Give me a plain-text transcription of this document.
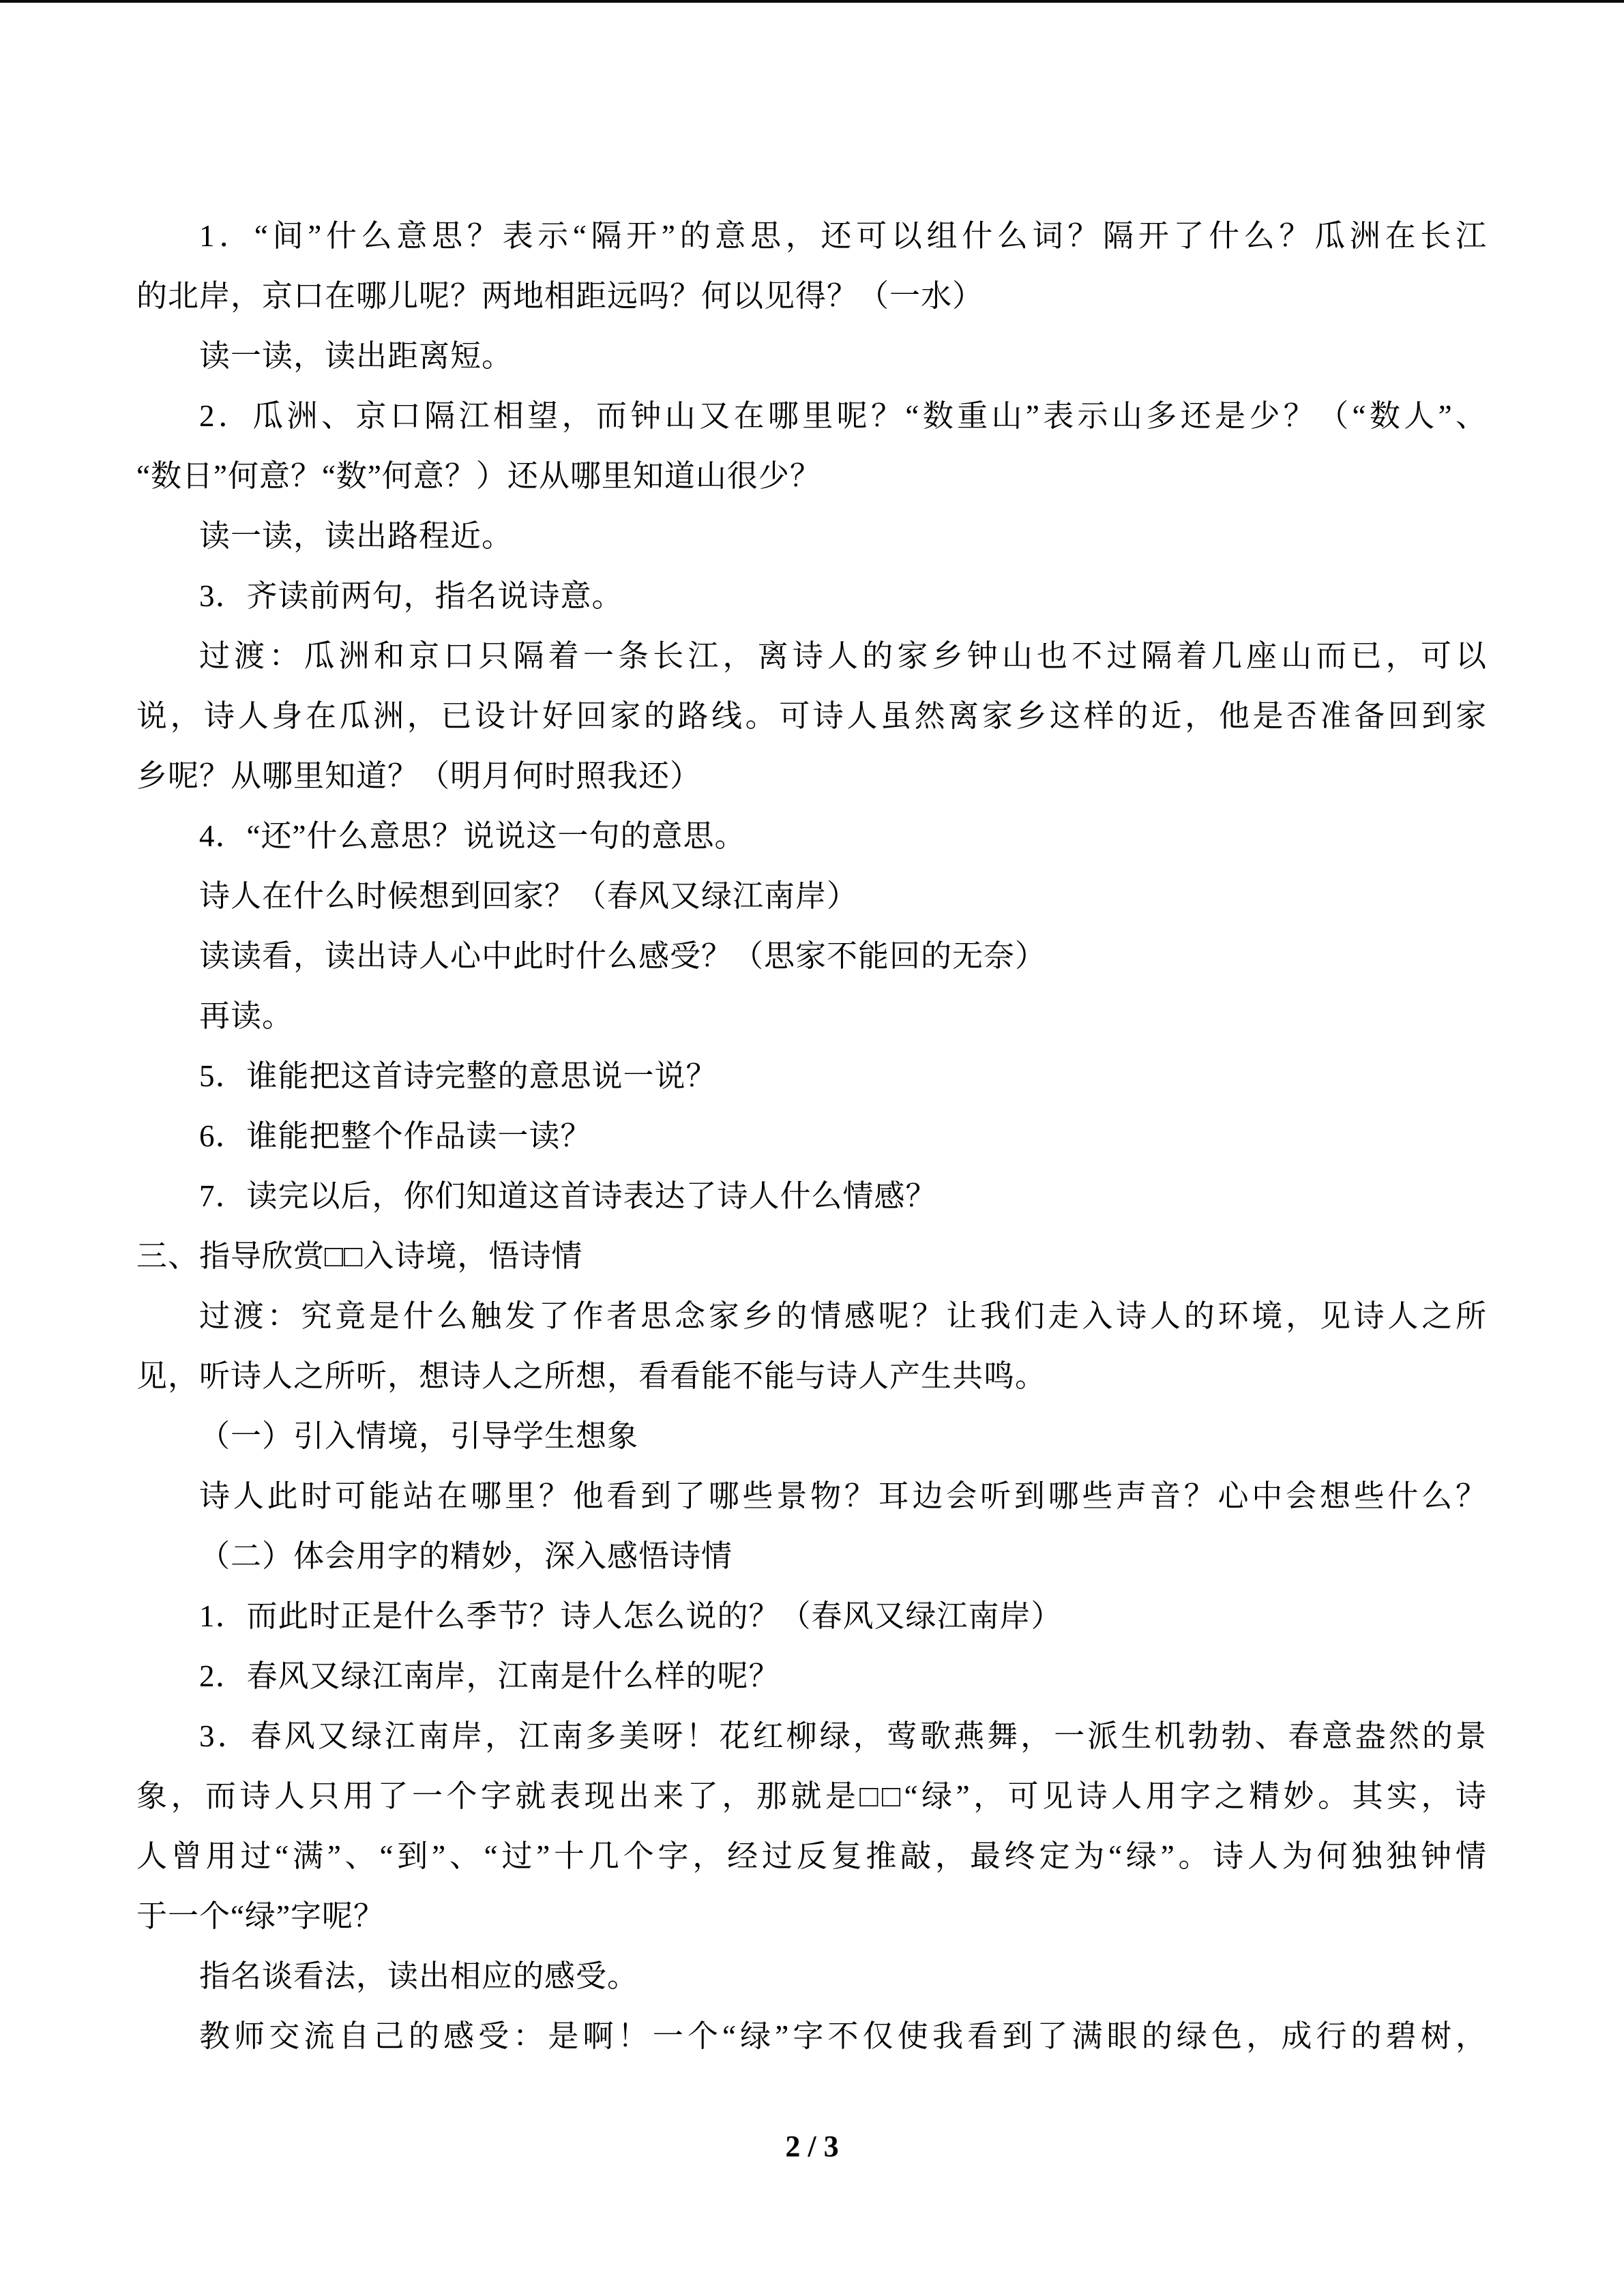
1．“间”什么意思？表示“隔开”的意思，还可以组什么词？隔开了什么？瓜洲在长江
的北岸，京口在哪儿呢？两地相距远吗？何以见得？（一水）
读一读，读出距离短。
2．瓜洲、京口隔江相望，而钟山又在哪里呢？“数重山”表示山多还是少？（“数人”、
“数日”何意？“数”何意？）还从哪里知道山很少？
读一读，读出路程近。
3．齐读前两句，指名说诗意。
过渡：瓜洲和京口只隔着一条长江，离诗人的家乡钟山也不过隔着几座山而已，可以
说，诗人身在瓜洲，已设计好回家的路线。可诗人虽然离家乡这样的近，他是否准备回到家
乡呢？从哪里知道？（明月何时照我还）
4．“还”什么意思？说说这一句的意思。
诗人在什么时候想到回家？（春风又绿江南岸）
读读看，读出诗人心中此时什么感受？（思家不能回的无奈）
再读。
5．谁能把这首诗完整的意思说一说？
6．谁能把整个作品读一读？
7．读完以后，你们知道这首诗表达了诗人什么情感？
三、指导欣赏□□入诗境，悟诗情
过渡：究竟是什么触发了作者思念家乡的情感呢？让我们走入诗人的环境，见诗人之所
见，听诗人之所听，想诗人之所想，看看能不能与诗人产生共鸣。
（一）引入情境，引导学生想象
诗人此时可能站在哪里？他看到了哪些景物？耳边会听到哪些声音？心中会想些什么？
（二）体会用字的精妙，深入感悟诗情
1．而此时正是什么季节？诗人怎么说的？（春风又绿江南岸）
2．春风又绿江南岸，江南是什么样的呢？
3．春风又绿江南岸，江南多美呀！花红柳绿，莺歌燕舞，一派生机勃勃、春意盎然的景
象，而诗人只用了一个字就表现出来了，那就是□□“绿”，可见诗人用字之精妙。其实，诗
人曾用过“满”、“到”、“过”十几个字，经过反复推敲，最终定为“绿”。诗人为何独独钟情
于一个“绿”字呢？
指名谈看法，读出相应的感受。
教师交流自己的感受：是啊！一个“绿”字不仅使我看到了满眼的绿色，成行的碧树，
2 / 3
